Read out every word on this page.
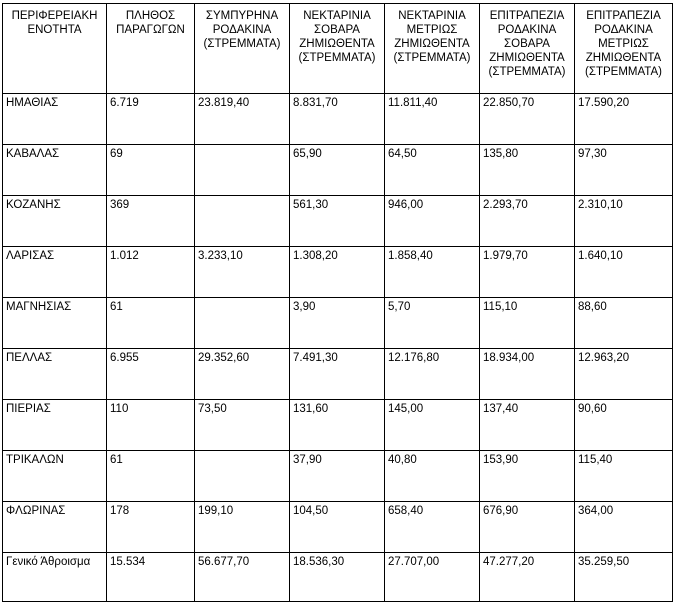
ΠΕΡΙΦΕΡΕΙΑΚΗ
ΕΝΟΤΗΤΑ	ΠΛΗΘΟΣ
ΠΑΡΑΓΩΓΩΝ	ΣΥΜΠΥΡΗΝΑ
ΡΟΔΑΚΙΝΑ
(ΣΤΡΕΜΜΑΤΑ)	ΝΕΚΤΑΡΙΝΙΑ
ΣΟΒΑΡΑ
ΖΗΜΙΩΘΕΝΤΑ
(ΣΤΡΕΜΜΑΤΑ)	ΝΕΚΤΑΡΙΝΙΑ
ΜΕΤΡΙΩΣ
ΖΗΜΙΩΘΕΝΤΑ
(ΣΤΡΕΜΜΑΤΑ)	ΕΠΙΤΡΑΠΕΖΙΑ
ΡΟΔΑΚΙΝΑ
ΣΟΒΑΡΑ
ΖΗΜΙΩΘΕΝΤΑ
(ΣΤΡΕΜΜΑΤΑ)	ΕΠΙΤΡΑΠΕΖΙΑ
ΡΟΔΑΚΙΝΑ
ΜΕΤΡΙΩΣ
ΖΗΜΙΩΘΕΝΤΑ
(ΣΤΡΕΜΜΑΤΑ)

ΗΜΑΘΙΑΣ	6.719	23.819,40	8.831,70	11.811,40	22.850,70	17.590,20
ΚΑΒΑΛΑΣ	69		65,90	64,50	135,80	97,30
ΚΟΖΑΝΗΣ	369		561,30	946,00	2.293,70	2.310,10
ΛΑΡΙΣΑΣ	1.012	3.233,10	1.308,20	1.858,40	1.979,70	1.640,10
ΜΑΓΝΗΣΙΑΣ	61		3,90	5,70	115,10	88,60
ΠΕΛΛΑΣ	6.955	29.352,60	7.491,30	12.176,80	18.934,00	12.963,20
ΠΙΕΡΙΑΣ	110	73,50	131,60	145,00	137,40	90,60
ΤΡΙΚΑΛΩΝ	61		37,90	40,80	153,90	115,40
ΦΛΩΡΙΝΑΣ	178	199,10	104,50	658,40	676,90	364,00
Γενικό Άθροισμα	15.534	56.677,70	18.536,30	27.707,00	47.277,20	35.259,50
